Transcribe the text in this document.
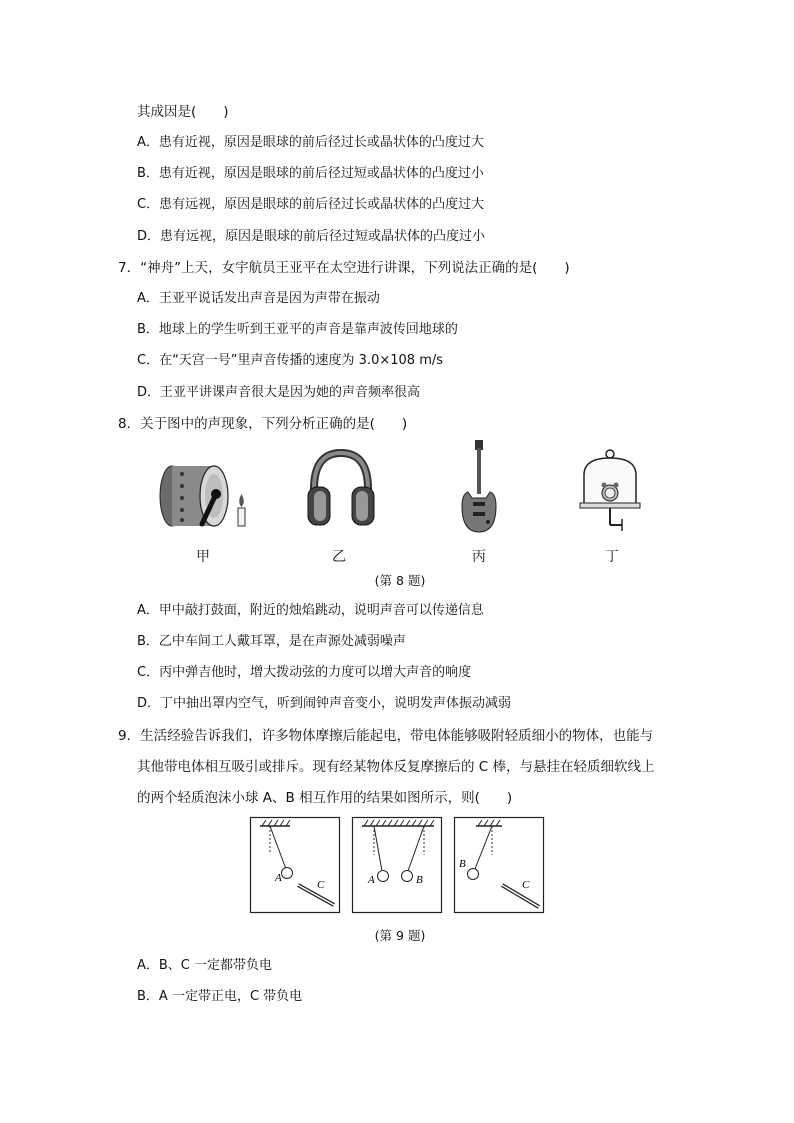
其成因是(　　)
A．患有近视，原因是眼球的前后径过长或晶状体的凸度过大
B．患有近视，原因是眼球的前后径过短或晶状体的凸度过小
C．患有远视，原因是眼球的前后径过长或晶状体的凸度过大
D．患有远视，原因是眼球的前后径过短或晶状体的凸度过小
7．“神舟”上天，女宇航员王亚平在太空进行讲课，下列说法正确的是(　　)
A．王亚平说话发出声音是因为声带在振动
B．地球上的学生听到王亚平的声音是靠声波传回地球的
C．在“天宫一号”里声音传播的速度为 3.0×108 m/s
D．王亚平讲课声音很大是因为她的声音频率很高
8．关于图中的声现象，下列分析正确的是(　　)
甲	乙	丙	丁
(第 8 题)
A．甲中敲打鼓面，附近的烛焰跳动，说明声音可以传递信息
B．乙中车间工人戴耳罩，是在声源处减弱噪声
C．丙中弹吉他时，增大拨动弦的力度可以增大声音的响度
D．丁中抽出罩内空气，听到闹钟声音变小，说明发声体振动减弱
9．生活经验告诉我们，许多物体摩擦后能起电，带电体能够吸附轻质细小的物体，也能与
其他带电体相互吸引或排斥。现有经某物体反复摩擦后的 C 棒，与悬挂在轻质细软线上
的两个轻质泡沫小球 A、B 相互作用的结果如图所示，则(　　)
A
C	A	B
B
C
(第 9 题)
A．B、C 一定都带负电
B．A 一定带正电，C 带负电
